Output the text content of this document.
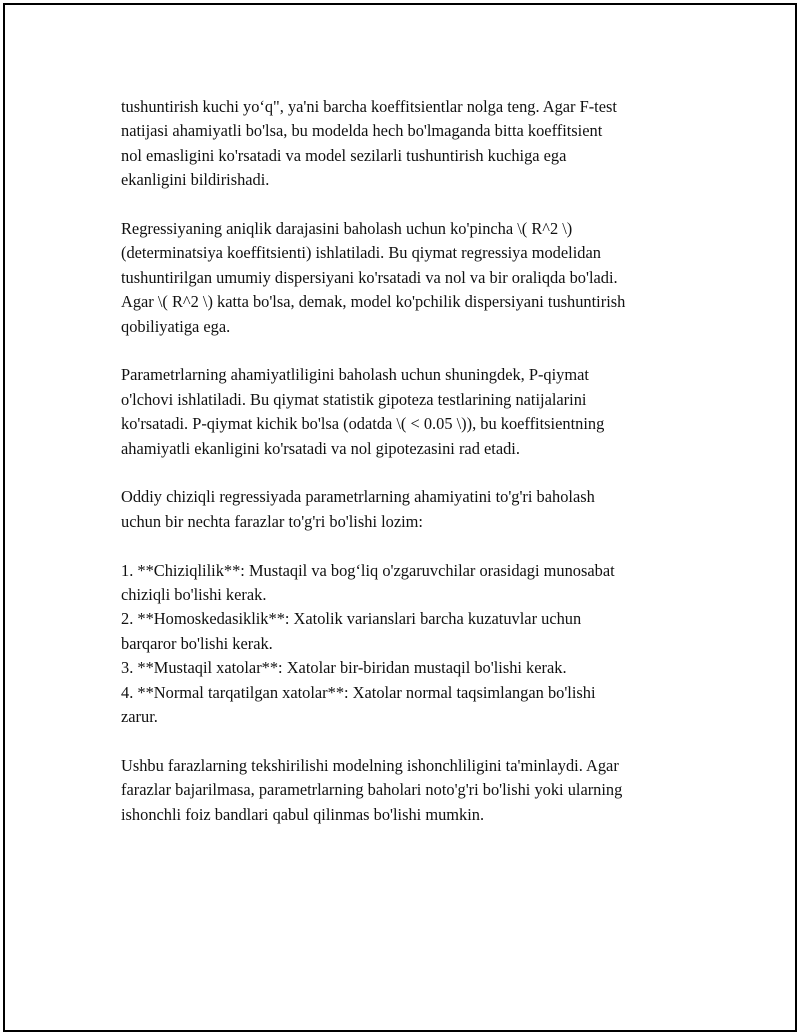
tushuntirish kuchi yo‘q", ya'ni barcha koeffitsientlar nolga teng. Agar F-test
natijasi ahamiyatli bo'lsa, bu modelda hech bo'lmaganda bitta koeffitsient
nol emasligini ko'rsatadi va model sezilarli tushuntirish kuchiga ega
ekanligini bildirishadi.

Regressiyaning aniqlik darajasini baholash uchun ko'pincha \( R^2 \)
(determinatsiya koeffitsienti) ishlatiladi. Bu qiymat regressiya modelidan
tushuntirilgan umumiy dispersiyani ko'rsatadi va nol va bir oraliqda bo'ladi.
Agar \( R^2 \) katta bo'lsa, demak, model ko'pchilik dispersiyani tushuntirish
qobiliyatiga ega.

Parametrlarning ahamiyatliligini baholash uchun shuningdek, P-qiymat
o'lchovi ishlatiladi. Bu qiymat statistik gipoteza testlarining natijalarini
ko'rsatadi. P-qiymat kichik bo'lsa (odatda \( < 0.05 \)), bu koeffitsientning
ahamiyatli ekanligini ko'rsatadi va nol gipotezasini rad etadi.

Oddiy chiziqli regressiyada parametrlarning ahamiyatini to'g'ri baholash
uchun bir nechta farazlar to'g'ri bo'lishi lozim:

1. **Chiziqlilik**: Mustaqil va bog‘liq o'zgaruvchilar orasidagi munosabat
chiziqli bo'lishi kerak.
2. **Homoskedasiklik**: Xatolik varianslari barcha kuzatuvlar uchun
barqaror bo'lishi kerak.
3. **Mustaqil xatolar**: Xatolar bir-biridan mustaqil bo'lishi kerak.
4. **Normal tarqatilgan xatolar**: Xatolar normal taqsimlangan bo'lishi
zarur.

Ushbu farazlarning tekshirilishi modelning ishonchliligini ta'minlaydi. Agar
farazlar bajarilmasa, parametrlarning baholari noto'g'ri bo'lishi yoki ularning
ishonchli foiz bandlari qabul qilinmas bo'lishi mumkin.
